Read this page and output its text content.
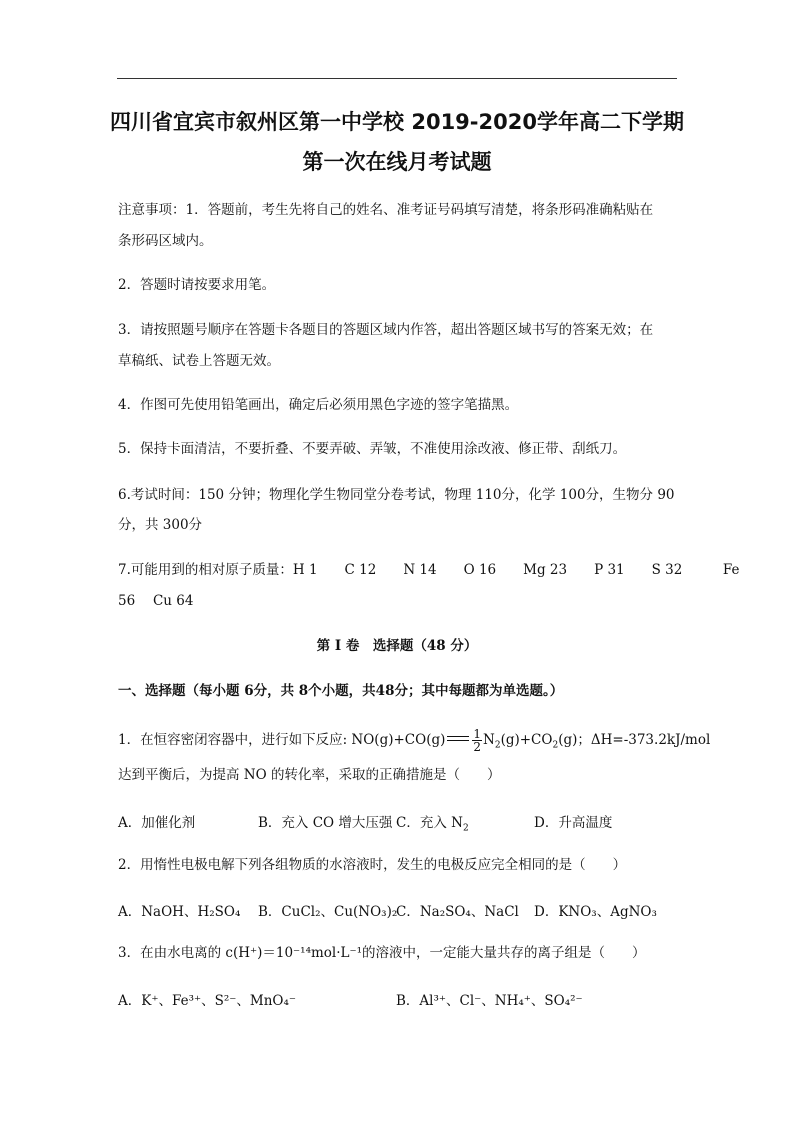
四川省宜宾市叙州区第一中学校 2019-2020学年高二下学期
第一次在线月考试题
注意事项：1．答题前，考生先将自己的姓名、准考证号码填写清楚，将条形码准确粘贴在
条形码区域内。
2．答题时请按要求用笔。
3．请按照题号顺序在答题卡各题目的答题区域内作答，超出答题区域书写的答案无效；在
草稿纸、试卷上答题无效。
4．作图可先使用铅笔画出，确定后必须用黑色字迹的签字笔描黑。
5．保持卡面清洁，不要折叠、不要弄破、弄皱，不准使用涂改液、修正带、刮纸刀。
6.考试时间：150 分钟；物理化学生物同堂分卷考试，物理 110分，化学 100分，生物分 90
分，共 300分
7.可能用到的相对原子质量：H 1　　C 12　　N 14　　O 16　　Mg 23　　P 31　　S 32　　　Fe
56　 Cu 64
第 I 卷　选择题（48 分）
一、选择题（每小题 6分，共 8个小题，共48分；其中每题都为单选题。）
1．在恒容密闭容器中，进行如下反应: $NO(g)+CO(g) \frac{1}{2} N_2(g)+CO_2(g)$；ΔH=-373.2kJ/mol
达到平衡后，为提高 NO 的转化率，采取的正确措施是（　　）
A．加催化剂	B．充入 CO 增大压强 C．充入 $N_2$	D．升高温度
2．用惰性电极电解下列各组物质的水溶液时，发生的电极反应完全相同的是（　　）
A．NaOH、H₂SO₄ B．CuCl₂、Cu(NO₃)₂
C．Na₂SO₄、NaCl D．KNO₃、AgNO₃
3．在由水电离的 c(H⁺)＝10⁻¹⁴mol·L⁻¹的溶液中，一定能大量共存的离子组是（　　）
A．K⁺、Fe³⁺、S²⁻、MnO₄⁻	B．Al³⁺、Cl⁻、NH₄⁺、SO₄²⁻
